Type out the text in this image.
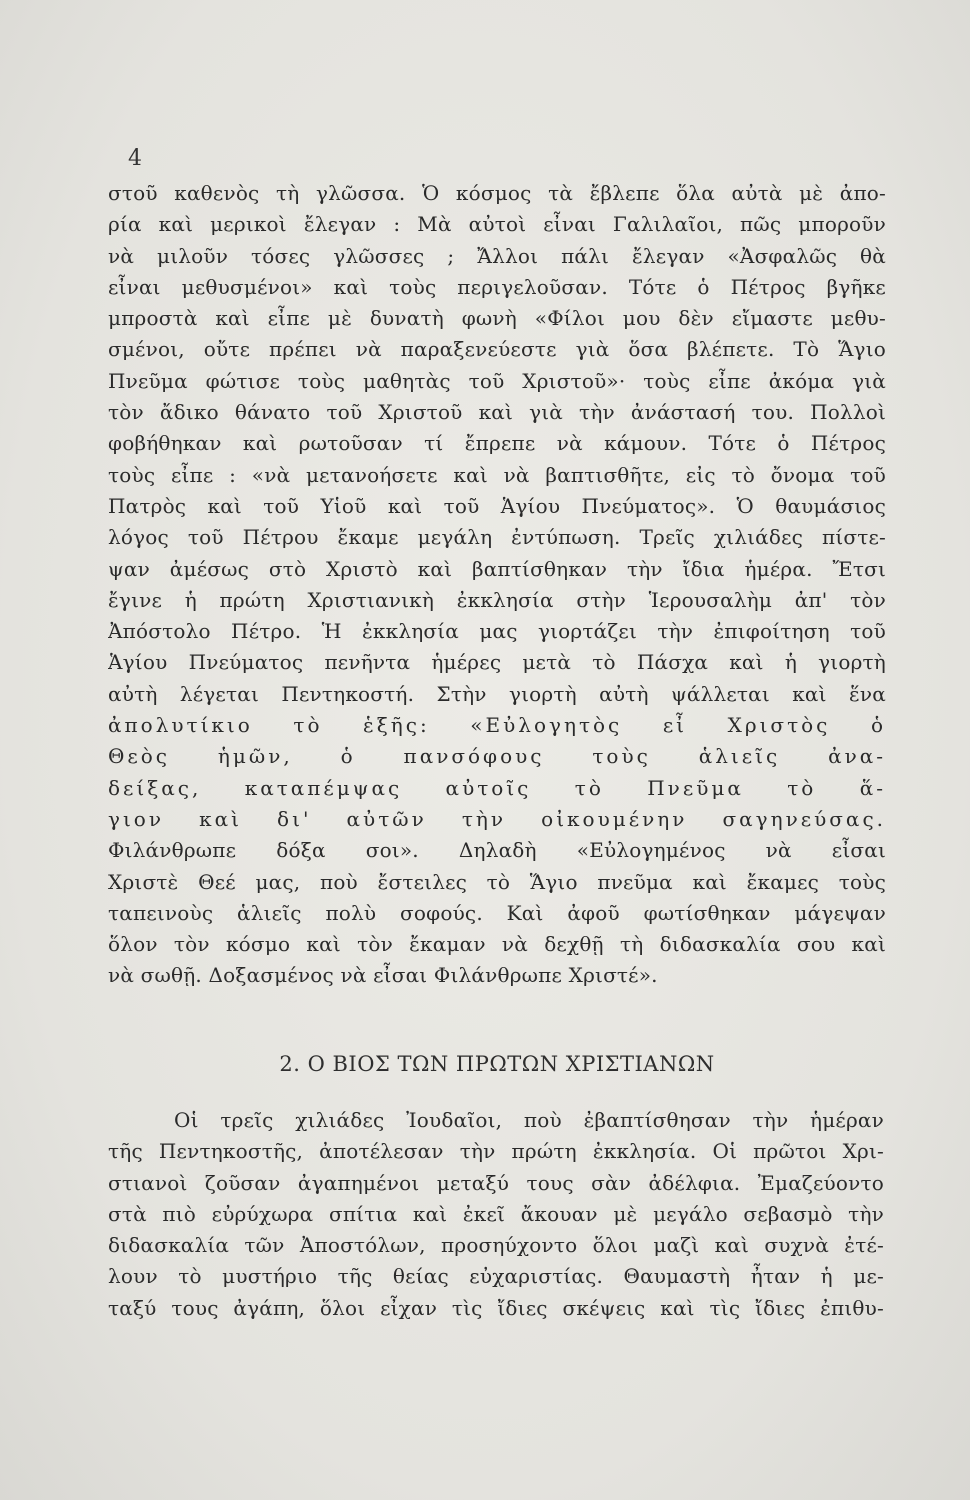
4
στοῦ καθενὸς τὴ γλῶσσα. Ὁ κόσμος τὰ ἔβλεπε ὅλα αὐτὰ μὲ ἀπο-
ρία καὶ μερικοὶ ἔλεγαν : Μὰ αὐτοὶ εἶναι Γαλιλαῖοι, πῶς μποροῦν
νὰ μιλοῦν τόσες γλῶσσες ; Ἄλλοι πάλι ἔλεγαν «Ἀσφαλῶς θὰ
εἶναι μεθυσμένοι» καὶ τοὺς περιγελοῦσαν. Τότε ὁ Πέτρος βγῆκε
μπροστὰ καὶ εἶπε μὲ δυνατὴ φωνὴ «Φίλοι μου δὲν εἴμαστε μεθυ-
σμένοι, οὔτε πρέπει νὰ παραξενεύεστε γιὰ ὅσα βλέπετε. Τὸ Ἅγιο
Πνεῦμα φώτισε τοὺς μαθητὰς τοῦ Χριστοῦ»· τοὺς εἶπε ἀκόμα γιὰ
τὸν ἄδικο θάνατο τοῦ Χριστοῦ καὶ γιὰ τὴν ἀνάστασή του. Πολλοὶ
φοβήθηκαν καὶ ρωτοῦσαν τί ἔπρεπε νὰ κάμουν. Τότε ὁ Πέτρος
τοὺς εἶπε : «νὰ μετανοήσετε καὶ νὰ βαπτισθῆτε, εἰς τὸ ὄνομα τοῦ
Πατρὸς καὶ τοῦ Υἱοῦ καὶ τοῦ Ἁγίου Πνεύματος». Ὁ θαυμάσιος
λόγος τοῦ Πέτρου ἔκαμε μεγάλη ἐντύπωση. Τρεῖς χιλιάδες πίστε-
ψαν ἀμέσως στὸ Χριστὸ καὶ βαπτίσθηκαν τὴν ἴδια ἡμέρα. Ἔτσι
ἔγινε ἡ πρώτη Χριστιανικὴ ἐκκλησία στὴν Ἱερουσαλὴμ ἀπ' τὸν
Ἀπόστολο Πέτρο. Ἡ ἐκκλησία μας γιορτάζει τὴν ἐπιφοίτηση τοῦ
Ἁγίου Πνεύματος πενῆντα ἡμέρες μετὰ τὸ Πάσχα καὶ ἡ γιορτὴ
αὐτὴ λέγεται Πεντηκοστή. Στὴν γιορτὴ αὐτὴ ψάλλεται καὶ ἕνα
ἀπολυτίκιο τὸ ἑξῆς: «Εὐλογητὸς εἶ Χριστὸς ὁ
Θεὸς ἡμῶν, ὁ πανσόφους τοὺς ἁλιεῖς ἀνα-
δείξας, καταπέμψας αὐτοῖς τὸ Πνεῦμα τὸ ἅ-
γιον καὶ δι' αὐτῶν τὴν οἰκουμένην σαγηνεύσας.
Φιλάνθρωπε δόξα σοι». Δηλαδὴ «Εὐλογημένος νὰ εἶσαι
Χριστὲ Θεέ μας, ποὺ ἔστειλες τὸ Ἅγιο πνεῦμα καὶ ἔκαμες τοὺς
ταπεινοὺς ἁλιεῖς πολὺ σοφούς. Καὶ ἀφοῦ φωτίσθηκαν μάγεψαν
ὅλον τὸν κόσμο καὶ τὸν ἔκαμαν νὰ δεχθῇ τὴ διδασκαλία σου καὶ
νὰ σωθῇ. Δοξασμένος νὰ εἶσαι Φιλάνθρωπε Χριστέ».
2. Ο ΒΙΟΣ ΤΩΝ ΠΡΩΤΩΝ ΧΡΙΣΤΙΑΝΩΝ
Οἱ τρεῖς χιλιάδες Ἰουδαῖοι, ποὺ ἐβαπτίσθησαν τὴν ἡμέραν
τῆς Πεντηκοστῆς, ἀποτέλεσαν τὴν πρώτη ἐκκλησία. Οἱ πρῶτοι Χρι-
στιανοὶ ζοῦσαν ἀγαπημένοι μεταξύ τους σὰν ἀδέλφια. Ἐμαζεύοντο
στὰ πιὸ εὐρύχωρα σπίτια καὶ ἐκεῖ ἄκουαν μὲ μεγάλο σεβασμὸ τὴν
διδασκαλία τῶν Ἀποστόλων, προσηύχοντο ὅλοι μαζὶ καὶ συχνὰ ἐτέ-
λουν τὸ μυστήριο τῆς θείας εὐχαριστίας. Θαυμαστὴ ἦταν ἡ με-
ταξύ τους ἀγάπη, ὅλοι εἶχαν τὶς ἴδιες σκέψεις καὶ τὶς ἴδιες ἐπιθυ-
